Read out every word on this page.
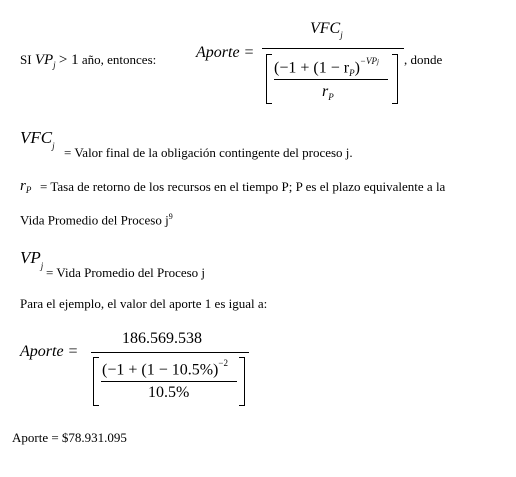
SI $VP_j > 1$ año, entonces: Aporte =
$VFC_j$
($-1 + (1 - r_P)^{-VPj}$
$r_P$
, donde
$VFC_j$ = Valor final de la obligación contingente del proceso j.
$r_P$ = Tasa de retorno de los recursos en el tiempo P; P es el plazo equivalente a la
Vida Promedio del Proceso $j^9$
$VP_j$ = Vida Promedio del Proceso j
Para el ejemplo, el valor del aporte 1 es igual a:
Aporte =
186.569.538
($-1 + (1 - 10.5\%)^{-2}$
10.5%
Aporte = $78.931.095
